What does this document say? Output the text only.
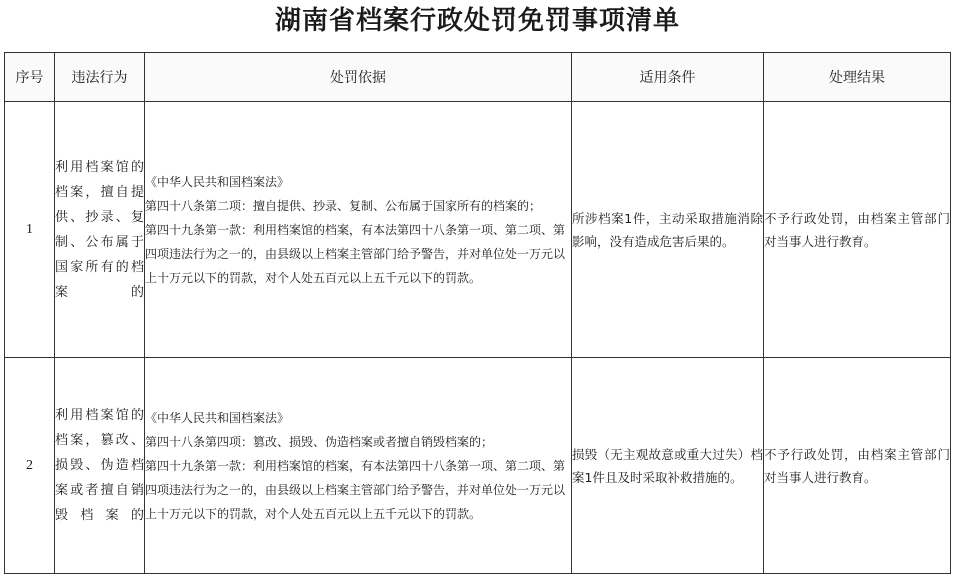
湖南省档案行政处罚免罚事项清单
序号	违法行为	处罚依据	适用条件	处理结果
1	利用档案馆的档案，擅自提供、抄录、复制、公布属于国家所有的档案的	《中华人民共和国档案法》
第四十八条第二项：擅自提供、抄录、复制、公布属于国家所有的档案的；
第四十九条第一款：利用档案馆的档案，有本法第四十八条第一项、第二项、第四项违法行为之一的，由县级以上档案主管部门给予警告，并对单位处一万元以上十万元以下的罚款，对个人处五百元以上五千元以下的罚款。	所涉档案1件，主动采取措施消除影响，没有造成危害后果的。	不予行政处罚，由档案主管部门对当事人进行教育。
2	利用档案馆的档案，篡改、损毁、伪造档案或者擅自销毁档案的	《中华人民共和国档案法》
第四十八条第四项：篡改、损毁、伪造档案或者擅自销毁档案的；
第四十九条第一款：利用档案馆的档案，有本法第四十八条第一项、第二项、第四项违法行为之一的，由县级以上档案主管部门给予警告，并对单位处一万元以上十万元以下的罚款，对个人处五百元以上五千元以下的罚款。	损毁（无主观故意或重大过失）档案1件且及时采取补救措施的。	不予行政处罚，由档案主管部门对当事人进行教育。
